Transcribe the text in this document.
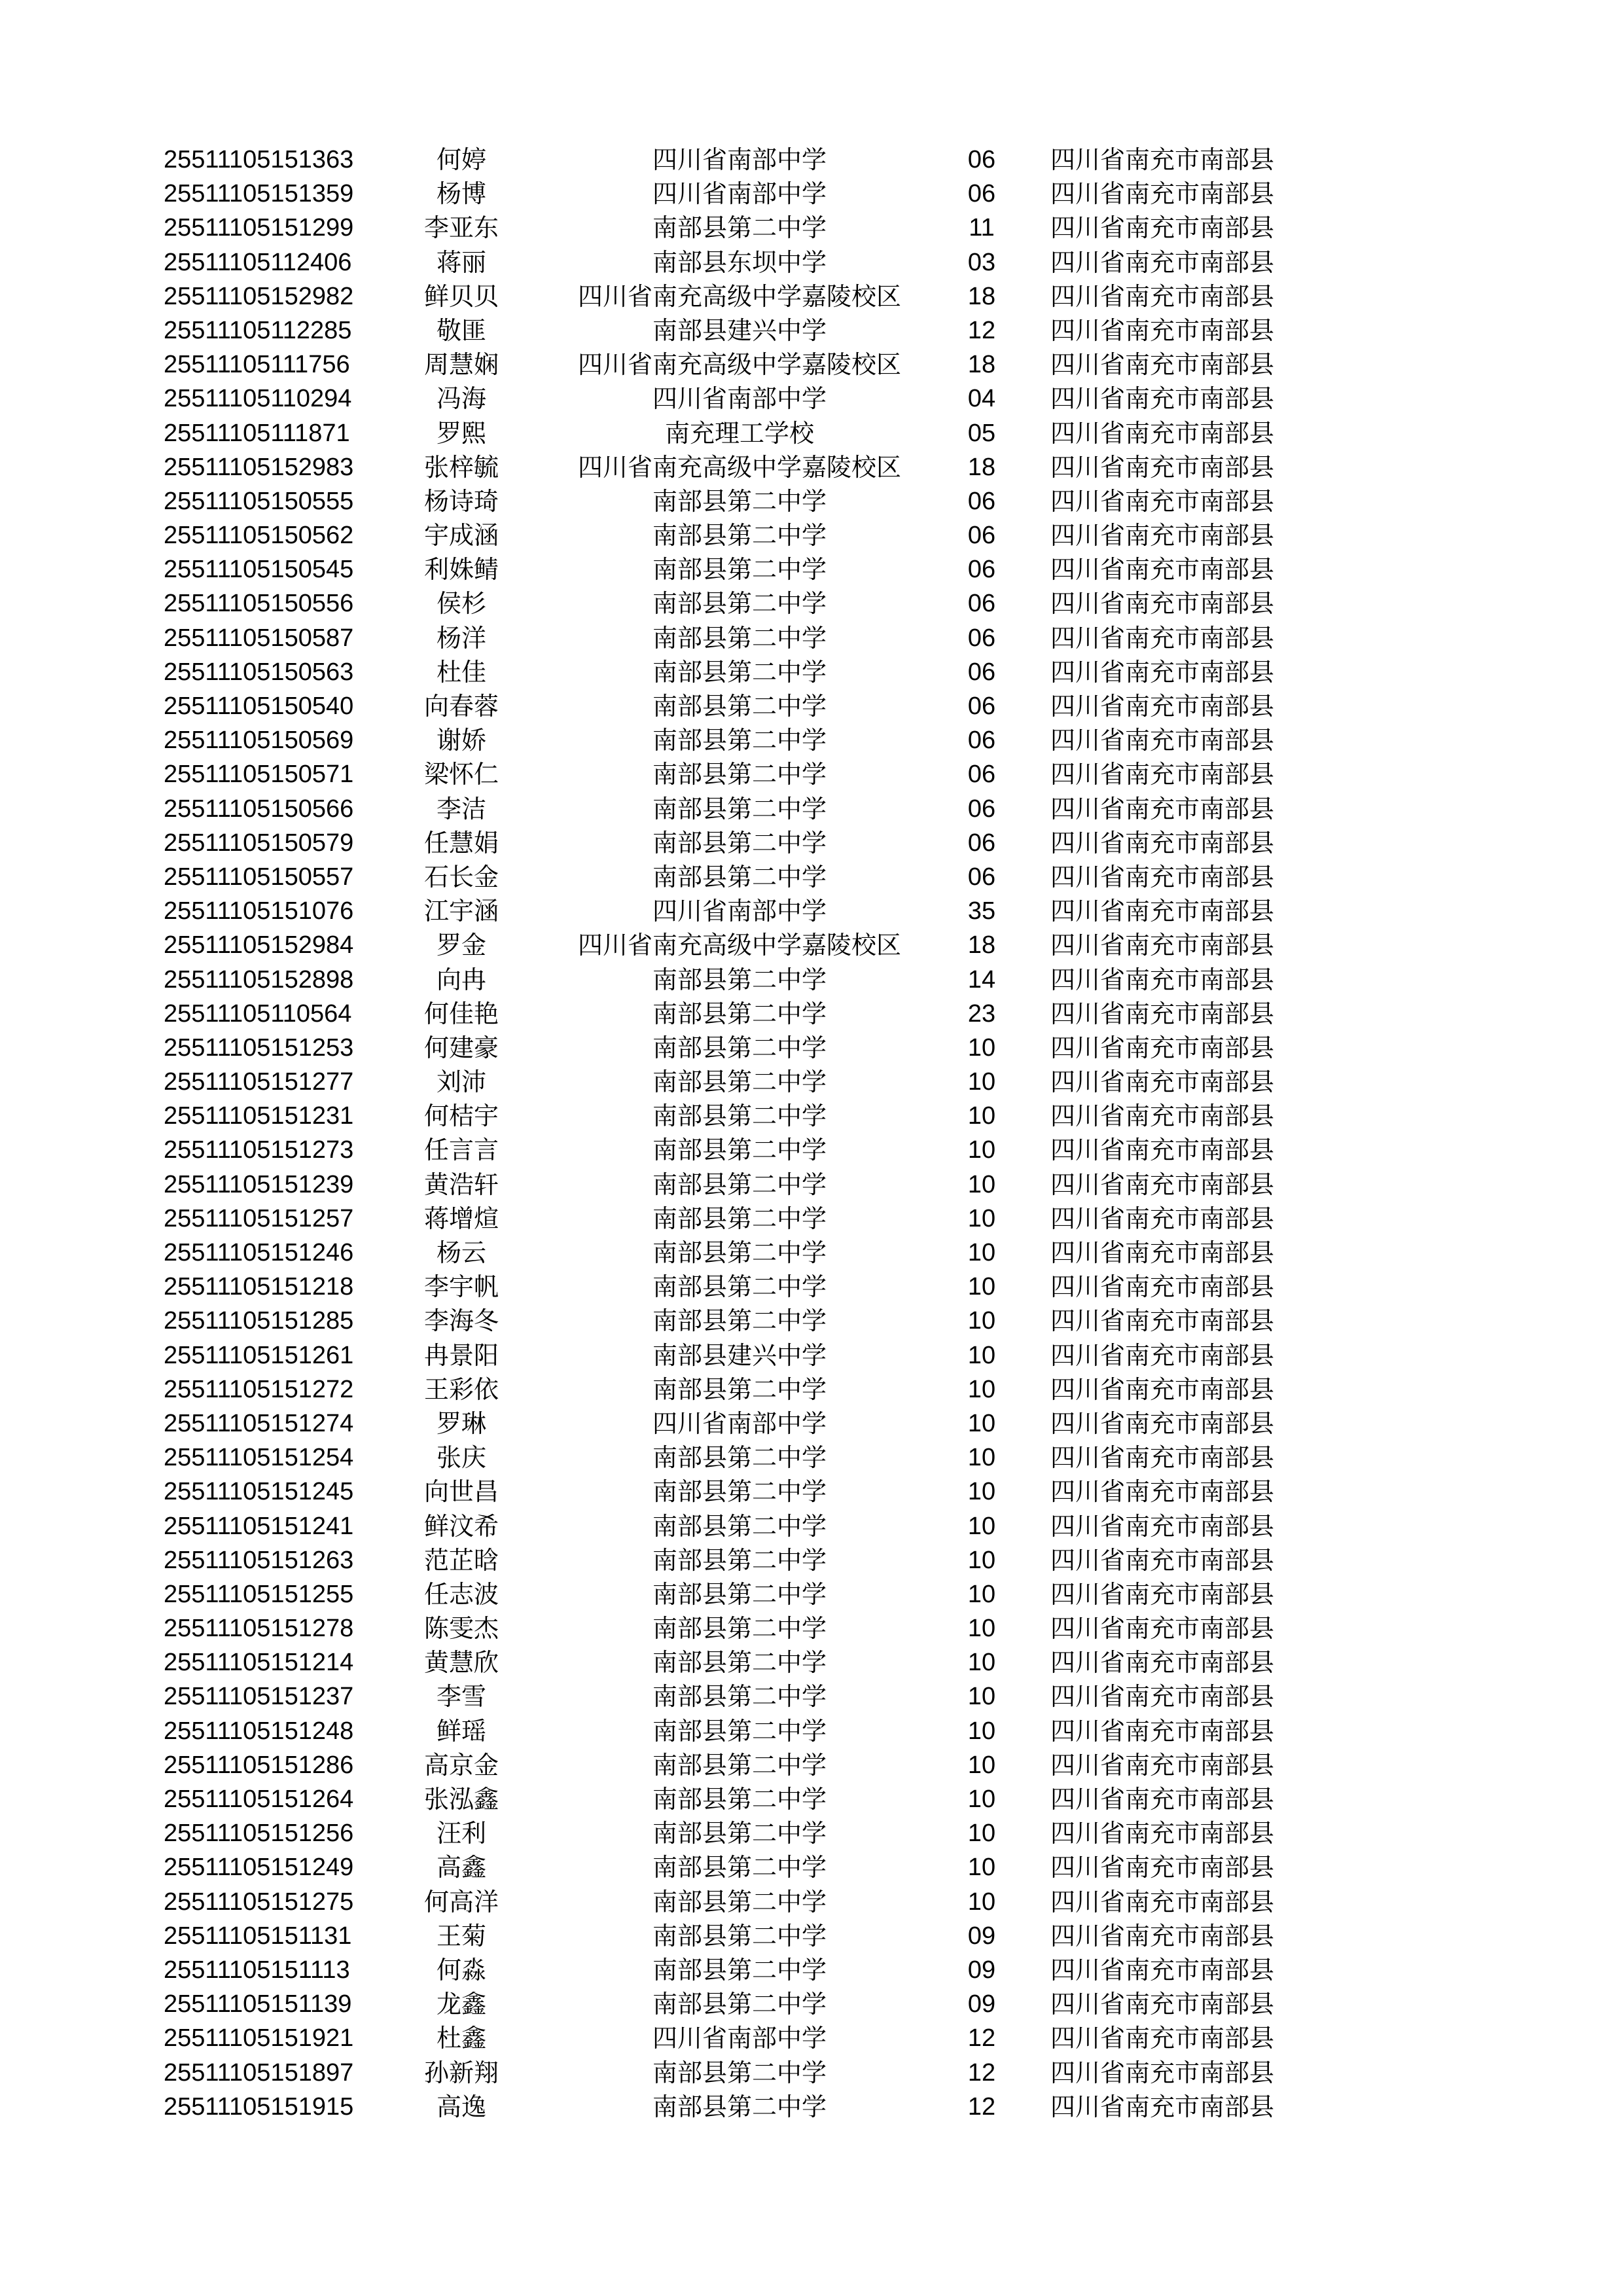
25511105151363	何婷	四川省南部中学	06	四川省南充市南部县
25511105151359	杨博	四川省南部中学	06	四川省南充市南部县
25511105151299	李亚东	南部县第二中学	11	四川省南充市南部县
25511105112406	蒋丽	南部县东坝中学	03	四川省南充市南部县
25511105152982	鲜贝贝	四川省南充高级中学嘉陵校区	18	四川省南充市南部县
25511105112285	敬匪	南部县建兴中学	12	四川省南充市南部县
25511105111756	周慧娴	四川省南充高级中学嘉陵校区	18	四川省南充市南部县
25511105110294	冯海	四川省南部中学	04	四川省南充市南部县
25511105111871	罗熙	南充理工学校	05	四川省南充市南部县
25511105152983	张梓毓	四川省南充高级中学嘉陵校区	18	四川省南充市南部县
25511105150555	杨诗琦	南部县第二中学	06	四川省南充市南部县
25511105150562	宇成涵	南部县第二中学	06	四川省南充市南部县
25511105150545	利姝鲭	南部县第二中学	06	四川省南充市南部县
25511105150556	侯杉	南部县第二中学	06	四川省南充市南部县
25511105150587	杨洋	南部县第二中学	06	四川省南充市南部县
25511105150563	杜佳	南部县第二中学	06	四川省南充市南部县
25511105150540	向春蓉	南部县第二中学	06	四川省南充市南部县
25511105150569	谢娇	南部县第二中学	06	四川省南充市南部县
25511105150571	梁怀仁	南部县第二中学	06	四川省南充市南部县
25511105150566	李洁	南部县第二中学	06	四川省南充市南部县
25511105150579	任慧娟	南部县第二中学	06	四川省南充市南部县
25511105150557	石长金	南部县第二中学	06	四川省南充市南部县
25511105151076	江宇涵	四川省南部中学	35	四川省南充市南部县
25511105152984	罗金	四川省南充高级中学嘉陵校区	18	四川省南充市南部县
25511105152898	向冉	南部县第二中学	14	四川省南充市南部县
25511105110564	何佳艳	南部县第二中学	23	四川省南充市南部县
25511105151253	何建豪	南部县第二中学	10	四川省南充市南部县
25511105151277	刘沛	南部县第二中学	10	四川省南充市南部县
25511105151231	何桔宇	南部县第二中学	10	四川省南充市南部县
25511105151273	任言言	南部县第二中学	10	四川省南充市南部县
25511105151239	黄浩轩	南部县第二中学	10	四川省南充市南部县
25511105151257	蒋增煊	南部县第二中学	10	四川省南充市南部县
25511105151246	杨云	南部县第二中学	10	四川省南充市南部县
25511105151218	李宇帆	南部县第二中学	10	四川省南充市南部县
25511105151285	李海冬	南部县第二中学	10	四川省南充市南部县
25511105151261	冉景阳	南部县建兴中学	10	四川省南充市南部县
25511105151272	王彩依	南部县第二中学	10	四川省南充市南部县
25511105151274	罗琳	四川省南部中学	10	四川省南充市南部县
25511105151254	张庆	南部县第二中学	10	四川省南充市南部县
25511105151245	向世昌	南部县第二中学	10	四川省南充市南部县
25511105151241	鲜汶希	南部县第二中学	10	四川省南充市南部县
25511105151263	范芷晗	南部县第二中学	10	四川省南充市南部县
25511105151255	任志波	南部县第二中学	10	四川省南充市南部县
25511105151278	陈雯杰	南部县第二中学	10	四川省南充市南部县
25511105151214	黄慧欣	南部县第二中学	10	四川省南充市南部县
25511105151237	李雪	南部县第二中学	10	四川省南充市南部县
25511105151248	鲜瑶	南部县第二中学	10	四川省南充市南部县
25511105151286	高京金	南部县第二中学	10	四川省南充市南部县
25511105151264	张泓鑫	南部县第二中学	10	四川省南充市南部县
25511105151256	汪利	南部县第二中学	10	四川省南充市南部县
25511105151249	高鑫	南部县第二中学	10	四川省南充市南部县
25511105151275	何高洋	南部县第二中学	10	四川省南充市南部县
25511105151131	王菊	南部县第二中学	09	四川省南充市南部县
25511105151113	何淼	南部县第二中学	09	四川省南充市南部县
25511105151139	龙鑫	南部县第二中学	09	四川省南充市南部县
25511105151921	杜鑫	四川省南部中学	12	四川省南充市南部县
25511105151897	孙新翔	南部县第二中学	12	四川省南充市南部县
25511105151915	高逸	南部县第二中学	12	四川省南充市南部县
